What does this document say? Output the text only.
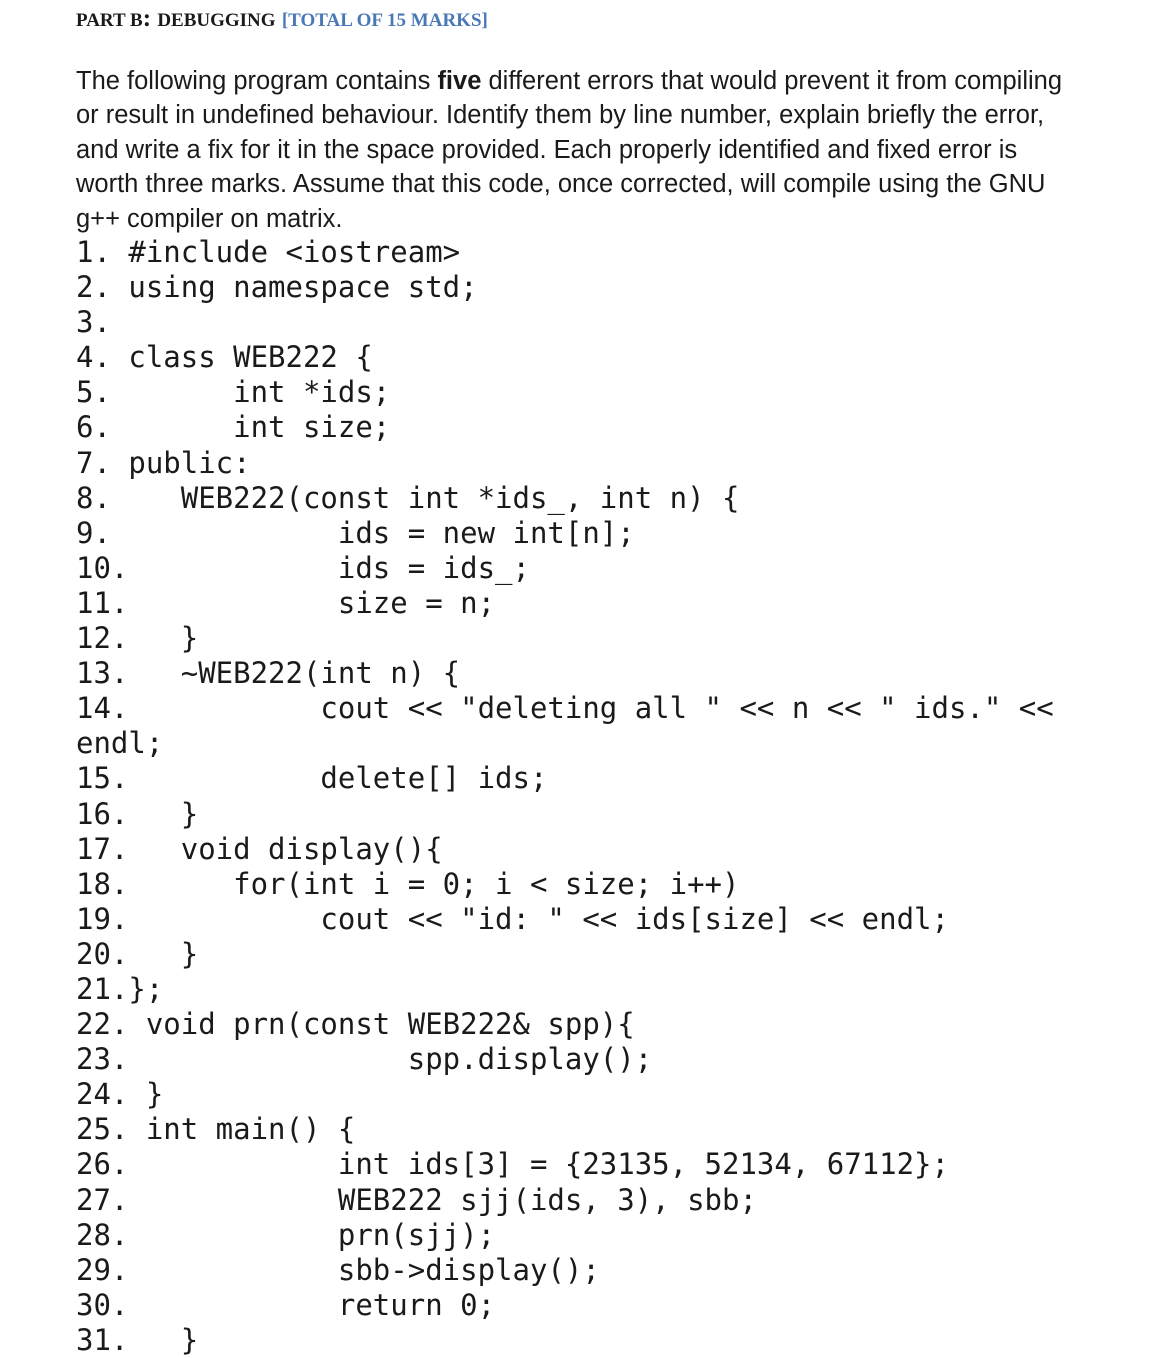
PART B: DEBUGGING [TOTAL OF 15 MARKS]
The following program contains five different errors that would prevent it from compiling or result in undefined behaviour. Identify them by line number, explain briefly the error, and write a fix for it in the space provided. Each properly identified and fixed error is worth three marks. Assume that this code, once corrected, will compile using the GNU g++ compiler on matrix.
1. #include <iostream>
2. using namespace std;
3.
4. class WEB222 {
5.       int *ids;
6.       int size;
7. public:
8.    WEB222(const int *ids_, int n) {
9.             ids = new int[n];
10.            ids = ids_;
11.            size = n;
12.   }
13.   ~WEB222(int n) {
14.           cout << "deleting all " << n << " ids." <<
endl;
15.           delete[] ids;
16.   }
17.   void display(){
18.      for(int i = 0; i < size; i++)
19.           cout << "id: " << ids[size] << endl;
20.   }
21.};
22. void prn(const WEB222& spp){
23.                spp.display();
24. }
25. int main() {
26.            int ids[3] = {23135, 52134, 67112};
27.            WEB222 sjj(ids, 3), sbb;
28.            prn(sjj);
29.            sbb->display();
30.            return 0;
31.   }
